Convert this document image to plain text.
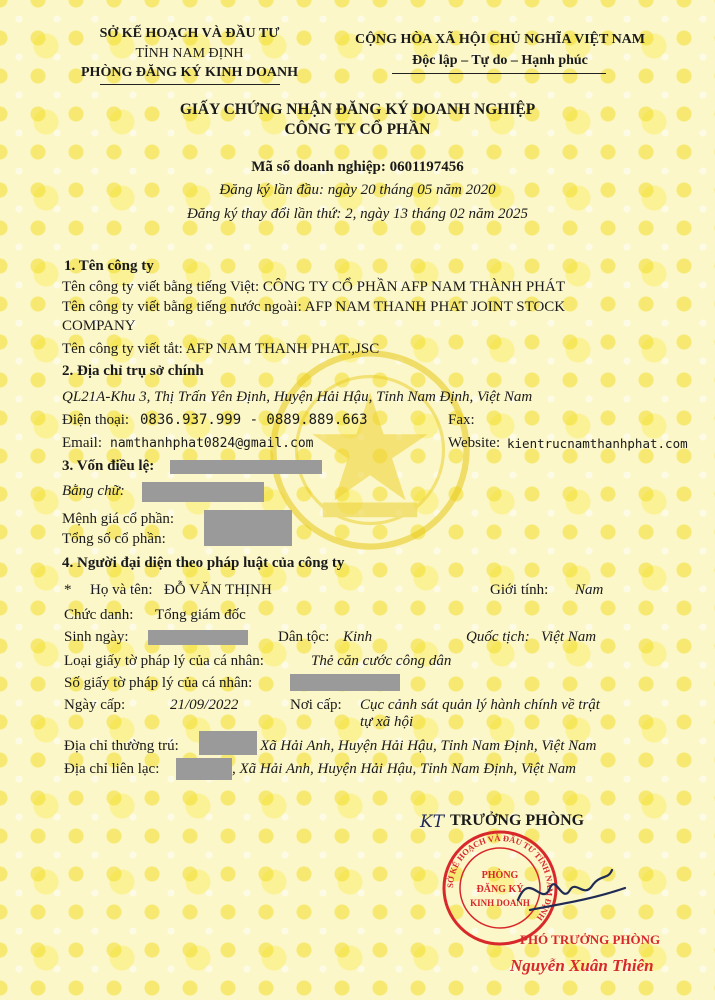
SỞ KẾ HOẠCH VÀ ĐẦU TƯ
TỈNH NAM ĐỊNH
PHÒNG ĐĂNG KÝ KINH DOANH
CỘNG HÒA XÃ HỘI CHỦ NGHĨA VIỆT NAM
Độc lập – Tự do – Hạnh phúc
GIẤY CHỨNG NHẬN ĐĂNG KÝ DOANH NGHIỆP
CÔNG TY CỔ PHẦN
Mã số doanh nghiệp: 0601197456
Đăng ký lần đầu: ngày 20 tháng 05 năm 2020
Đăng ký thay đổi lần thứ: 2, ngày 13 tháng 02 năm 2025
1. Tên công ty
Tên công ty viết bằng tiếng Việt: CÔNG TY CỔ PHẦN AFP NAM THÀNH PHÁT
Tên công ty viết bằng tiếng nước ngoài: AFP NAM THANH PHAT JOINT STOCK
COMPANY
Tên công ty viết tắt: AFP NAM THANH PHAT.,JSC
2. Địa chỉ trụ sở chính
QL21A-Khu 3, Thị Trấn Yên Định, Huyện Hải Hậu, Tỉnh Nam Định, Việt Nam
Điện thoại: 0836.937.999 - 0889.889.663	Fax:
Email: namthanhphat0824@gmail.com	Website: kientrucnamthanhphat.com
3. Vốn điều lệ:
Bằng chữ:
Mệnh giá cổ phần:
Tổng số cổ phần:
4. Người đại diện theo pháp luật của công ty
* Họ và tên: ĐỖ VĂN THỊNH	Giới tính: Nam
Chức danh: Tổng giám đốc
Sinh ngày:	Dân tộc: Kinh	Quốc tịch: Việt Nam
Loại giấy tờ pháp lý của cá nhân:	Thẻ căn cước công dân
Số giấy tờ pháp lý của cá nhân:
Ngày cấp:	21/09/2022	Nơi cấp: Cục cảnh sát quản lý hành chính về trật
tự xã hội
Địa chỉ thường trú:	Xã Hải Anh, Huyện Hải Hậu, Tỉnh Nam Định, Việt Nam
Địa chỉ liên lạc:	, Xã Hải Anh, Huyện Hải Hậu, Tỉnh Nam Định, Việt Nam
KT TRƯỞNG PHÒNG
SỞ KẾ HOẠCH VÀ ĐẦU TƯ TỈNH NAM ĐỊNH
PHÒNG
ĐĂNG KÝ
KINH DOANH
PHÓ TRƯỞNG PHÒNG
Nguyễn Xuân Thiên
